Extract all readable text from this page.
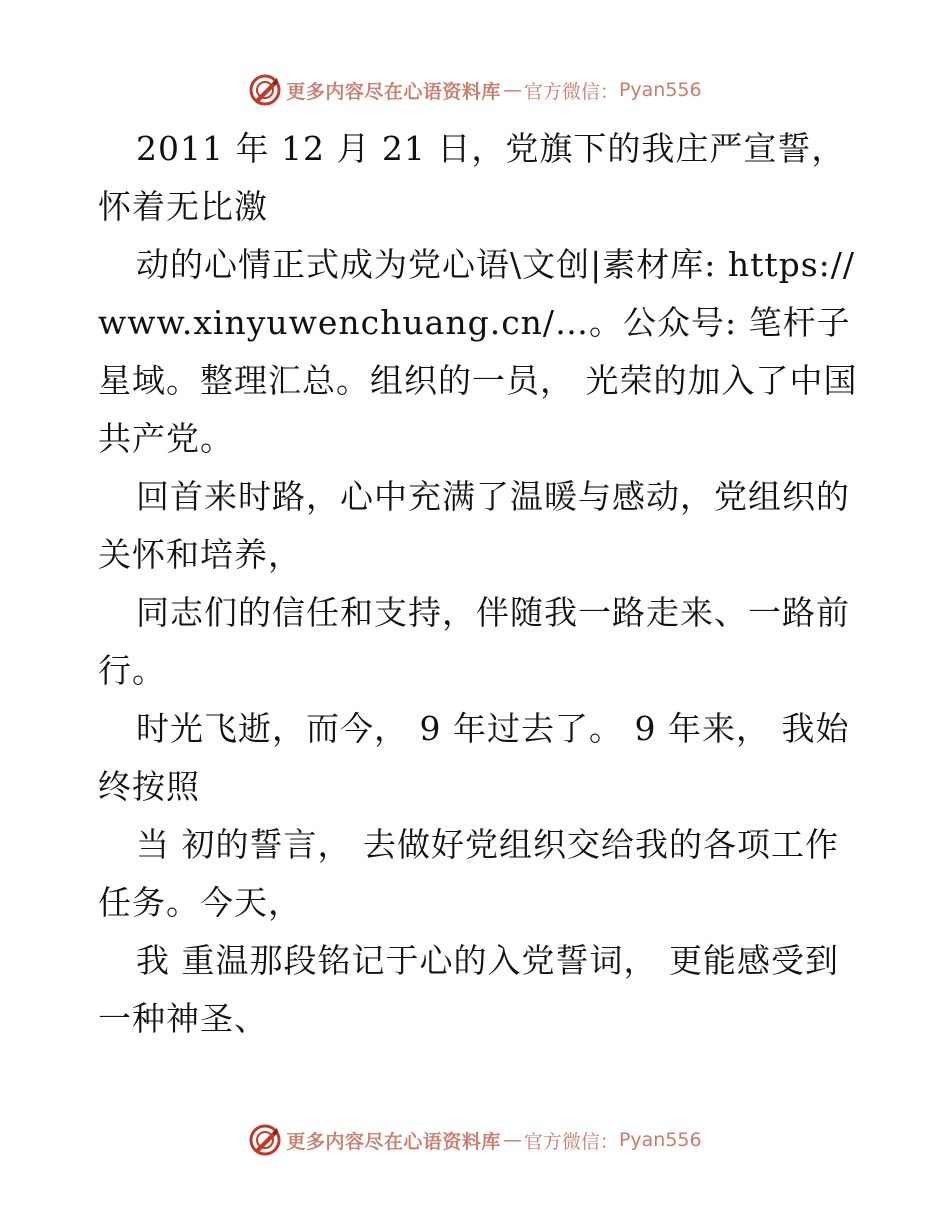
更多内容尽在心语资料库 — 官方微信： Pyan556

2011 年 12 月 21 日，党旗下的我庄严宣誓，怀着无比激

动的心情正式成为党心语\文创|素材库: https://www.xinyuwenchuang.cn/…。公众号: 笔杆子星域。整理汇总。组织的一员， 光荣的加入了中国共产党。

回首来时路，心中充满了温暖与感动，党组织的关怀和培养，

同志们的信任和支持，伴随我一路走来、一路前行。

时光飞逝，而今， 9 年过去了。 9 年来， 我始终按照

当 初的誓言， 去做好党组织交给我的各项工作任务。今天，

我 重温那段铭记于心的入党誓词， 更能感受到一种神圣、

更多内容尽在心语资料库 — 官方微信： Pyan556
